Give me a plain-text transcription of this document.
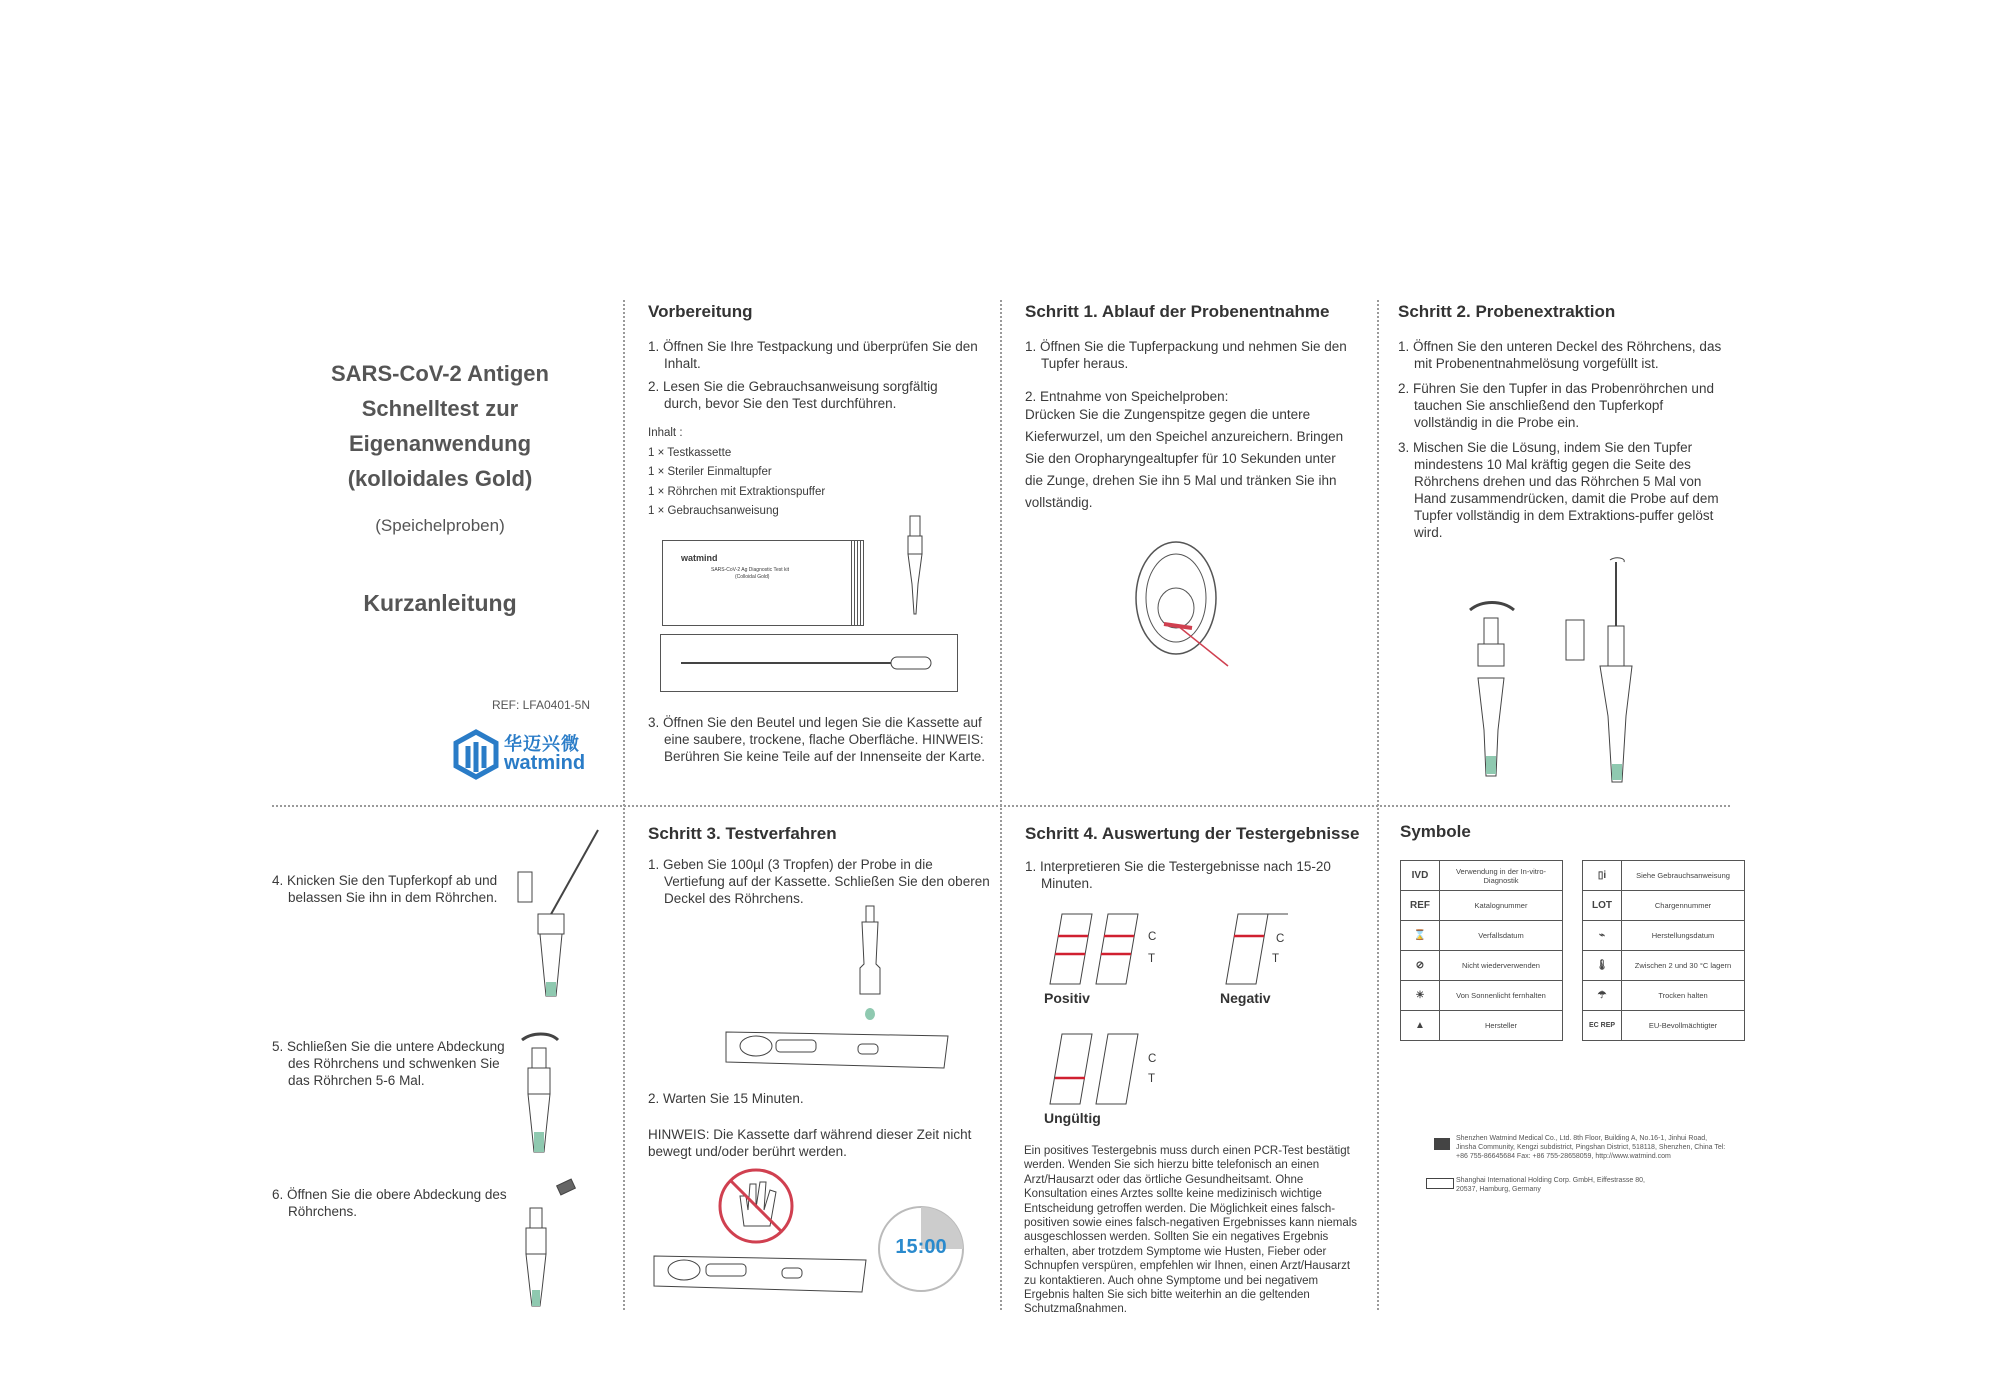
SARS-CoV-2 Antigen
Schnelltest zur
Eigenanwendung
(kolloidales Gold)
(Speichelproben)
Kurzanleitung
REF: LFA0401-5N
华迈兴微
watmind
Vorbereitung
1. Öffnen Sie Ihre Testpackung und überprüfen Sie den Inhalt.
2. Lesen Sie die Gebrauchsanweisung sorgfältig durch, bevor Sie den Test durchführen.
Inhalt :
1 × Testkassette
1 × Steriler Einmaltupfer
1 × Röhrchen mit Extraktionspuffer
1 × Gebrauchsanweisung
watmind
SARS-CoV-2 Ag Diagnostic Test kit
(Colloidal Gold)
3. Öffnen Sie den Beutel und legen Sie die Kassette auf eine saubere, trockene, flache Oberfläche. HINWEIS: Berühren Sie keine Teile auf der Innenseite der Karte.
Schritt 1. Ablauf der Probenentnahme
1. Öffnen Sie die Tupferpackung und nehmen Sie den Tupfer heraus.
2. Entnahme von Speichelproben:
Drücken Sie die Zungenspitze gegen die untere Kieferwurzel, um den Speichel anzureichern. Bringen Sie den Oropharyngealtupfer für 10 Sekunden unter die Zunge, drehen Sie ihn 5 Mal und tränken Sie ihn vollständig.
Schritt 2. Probenextraktion
1. Öffnen Sie den unteren Deckel des Röhrchens, das mit Probenentnahmelösung vorgefüllt ist.
2. Führen Sie den Tupfer in das Probenröhrchen und tauchen Sie anschließend den Tupferkopf vollständig in die Probe ein.
3. Mischen Sie die Lösung, indem Sie den Tupfer mindestens 10 Mal kräftig gegen die Seite des Röhrchens drehen und das Röhrchen 5 Mal von Hand zusammendrücken, damit die Probe auf dem Tupfer vollständig in dem Extraktions-puffer gelöst wird.
4. Knicken Sie den Tupferkopf ab und belassen Sie ihn in dem Röhrchen.
5. Schließen Sie die untere Abdeckung des Röhrchens und schwenken Sie das Röhrchen 5-6 Mal.
6. Öffnen Sie die obere Abdeckung des Röhrchens.
Schritt 3. Testverfahren
1. Geben Sie 100µl (3 Tropfen) der Probe in die Vertiefung auf der Kassette. Schließen Sie den oberen Deckel des Röhrchens.
2. Warten Sie 15 Minuten.
HINWEIS: Die Kassette darf während dieser Zeit nicht bewegt und/oder berührt werden.
15:00
Schritt 4. Auswertung der Testergebnisse
1. Interpretieren Sie die Testergebnisse nach 15-20 Minuten.
C
T
Positiv
C
T
Negativ
C
T
Ungültig
Ein positives Testergebnis muss durch einen PCR-Test bestätigt werden. Wenden Sie sich hierzu bitte telefonisch an einen Arzt/Hausarzt oder das örtliche Gesundheitsamt. Ohne Konsultation eines Arztes sollte keine medizinisch wichtige Entscheidung getroffen werden. Die Möglichkeit eines falsch-positiven sowie eines falsch-negativen Ergebnisses kann niemals ausgeschlossen werden. Sollten Sie ein negatives Ergebnis erhalten, aber trotzdem Symptome wie Husten, Fieber oder Schnupfen verspüren, empfehlen wir Ihnen, einen Arzt/Hausarzt zu kontaktieren. Auch ohne Symptome und bei negativem Ergebnis halten Sie sich bitte weiterhin an die geltenden Schutzmaßnahmen.
Symbole
IVD	Verwendung in der In-vitro-Diagnostik
REF	Katalognummer
⌛	Verfallsdatum
⊘	Nicht wiederverwenden
☀	Von Sonnenlicht fernhalten
▲	Hersteller
▯i	Siehe Gebrauchsanweisung
LOT	Chargennummer
⌁	Herstellungsdatum
🌡	Zwischen 2 und 30 °C lagern
☂	Trocken halten
EC REP	EU-Bevollmächtigter
Shenzhen Watmind Medical Co., Ltd. 8th Floor, Building A, No.16-1, Jinhui Road, Jinsha Community, Kengzi subdistrict, Pingshan District, 518118, Shenzhen, China Tel: +86 755-86645684 Fax: +86 755-28658059, http://www.watmind.com
Shanghai International Holding Corp. GmbH, Eiffestrasse 80, 20537, Hamburg, Germany
